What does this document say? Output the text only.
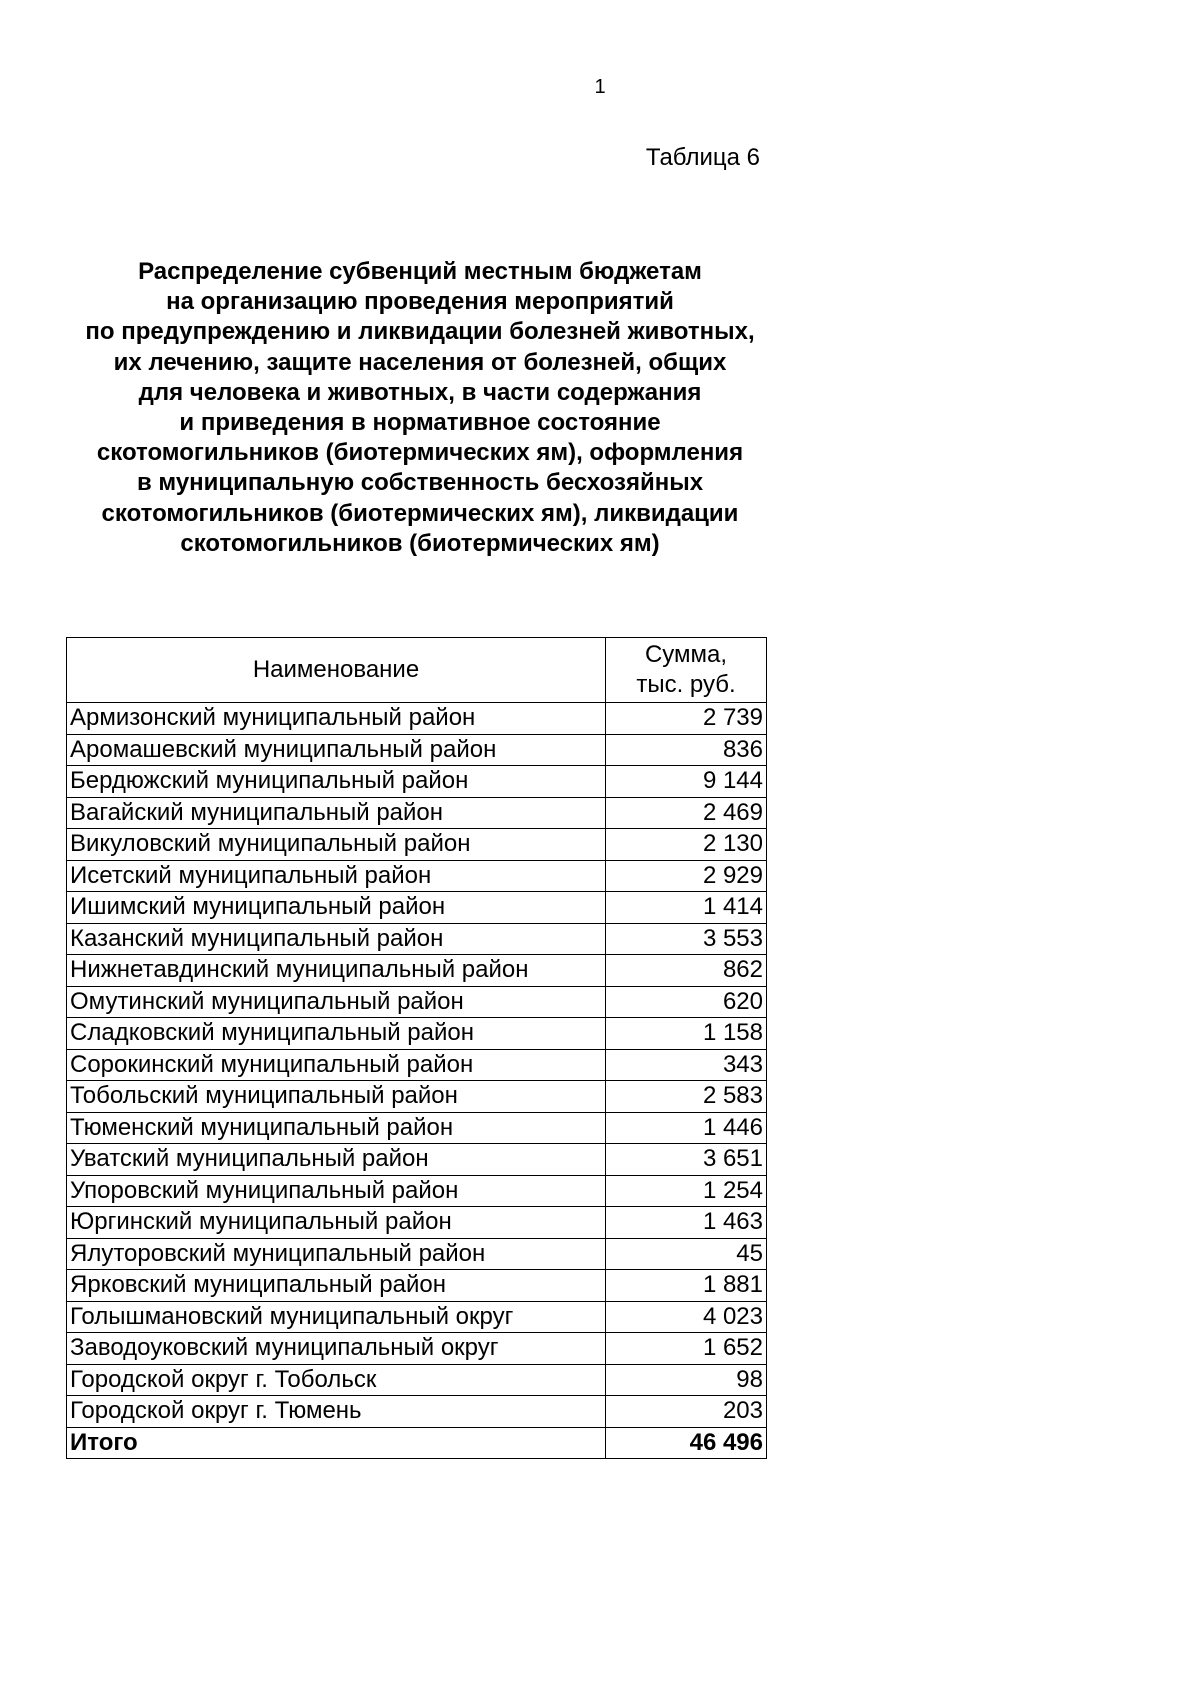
1
Таблица 6
Распределение субвенций местным бюджетам
на организацию проведения мероприятий
по предупреждению и ликвидации болезней животных,
их лечению, защите населения от болезней, общих
для человека и животных, в части содержания
и приведения в нормативное состояние
скотомогильников (биотермических ям), оформления
в муниципальную собственность бесхозяйных
скотомогильников (биотермических ям), ликвидации
скотомогильников (биотермических ям)
Наименование	Сумма,
тыс. руб.
Армизонский муниципальный район	2 739
Аромашевский муниципальный район	836
Бердюжский муниципальный район	9 144
Вагайский муниципальный район	2 469
Викуловский муниципальный район	2 130
Исетский муниципальный район	2 929
Ишимский муниципальный район	1 414
Казанский муниципальный район	3 553
Нижнетавдинский муниципальный район	862
Омутинский муниципальный район	620
Сладковский муниципальный район	1 158
Сорокинский муниципальный район	343
Тобольский муниципальный район	2 583
Тюменский муниципальный район	1 446
Уватский муниципальный район	3 651
Упоровский муниципальный район	1 254
Юргинский муниципальный район	1 463
Ялуторовский муниципальный район	45
Ярковский муниципальный район	1 881
Голышмановский муниципальный округ	4 023
Заводоуковский муниципальный округ	1 652
Городской округ г. Тобольск	98
Городской округ г. Тюмень	203
Итого	46 496
